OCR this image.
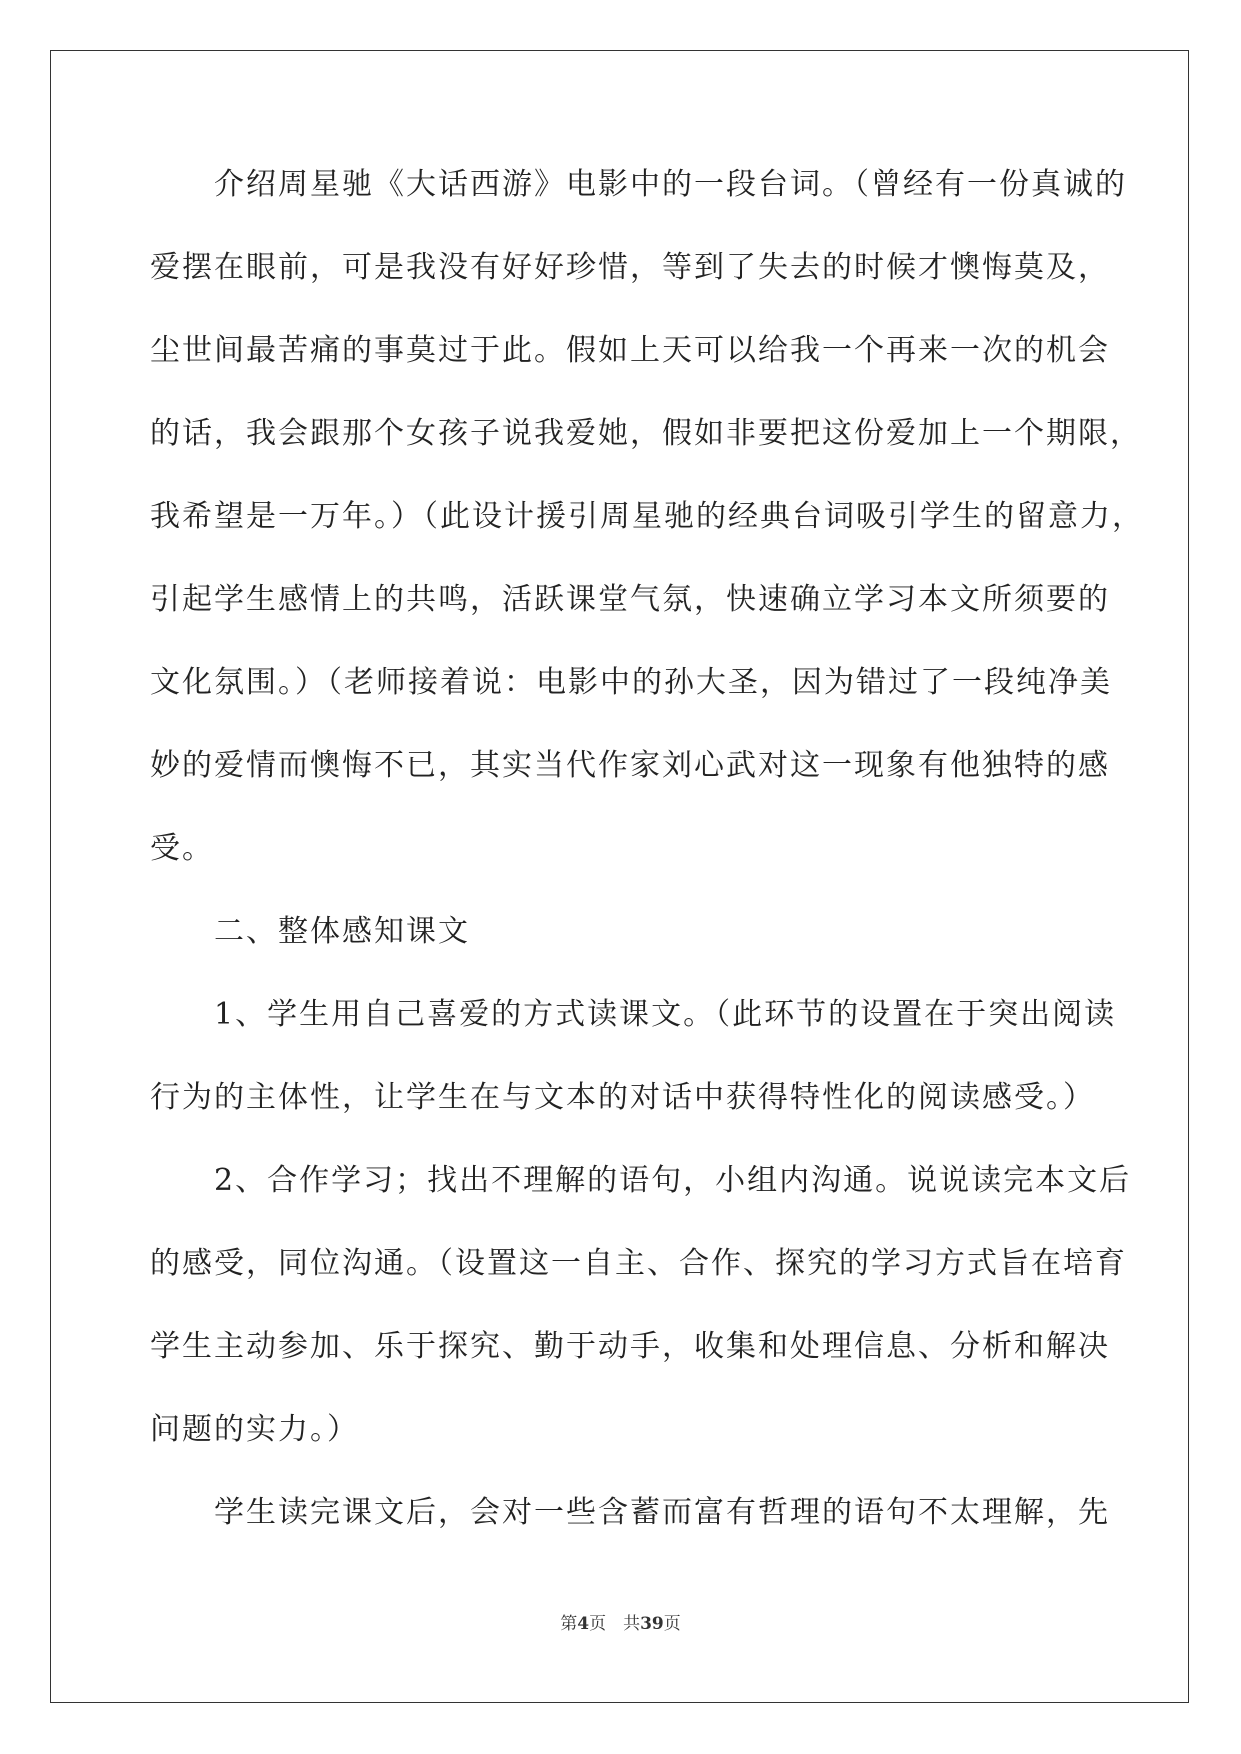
　　介绍周星驰《大话西游》电影中的一段台词。（曾经有一份真诚的
爱摆在眼前，可是我没有好好珍惜，等到了失去的时候才懊悔莫及，
尘世间最苦痛的事莫过于此。假如上天可以给我一个再来一次的机会
的话，我会跟那个女孩子说我爱她，假如非要把这份爱加上一个期限，
我希望是一万年。）（此设计援引周星驰的经典台词吸引学生的留意力，
引起学生感情上的共鸣，活跃课堂气氛，快速确立学习本文所须要的
文化氛围。）（老师接着说：电影中的孙大圣，因为错过了一段纯净美
妙的爱情而懊悔不已，其实当代作家刘心武对这一现象有他独特的感
受。
　　二、整体感知课文
　　1、学生用自己喜爱的方式读课文。（此环节的设置在于突出阅读
行为的主体性，让学生在与文本的对话中获得特性化的阅读感受。）
　　2、合作学习；找出不理解的语句，小组内沟通。说说读完本文后
的感受，同位沟通。（设置这一自主、合作、探究的学习方式旨在培育
学生主动参加、乐于探究、勤于动手，收集和处理信息、分析和解决
问题的实力。）
　　学生读完课文后，会对一些含蓄而富有哲理的语句不太理解，先
第4页　共39页
